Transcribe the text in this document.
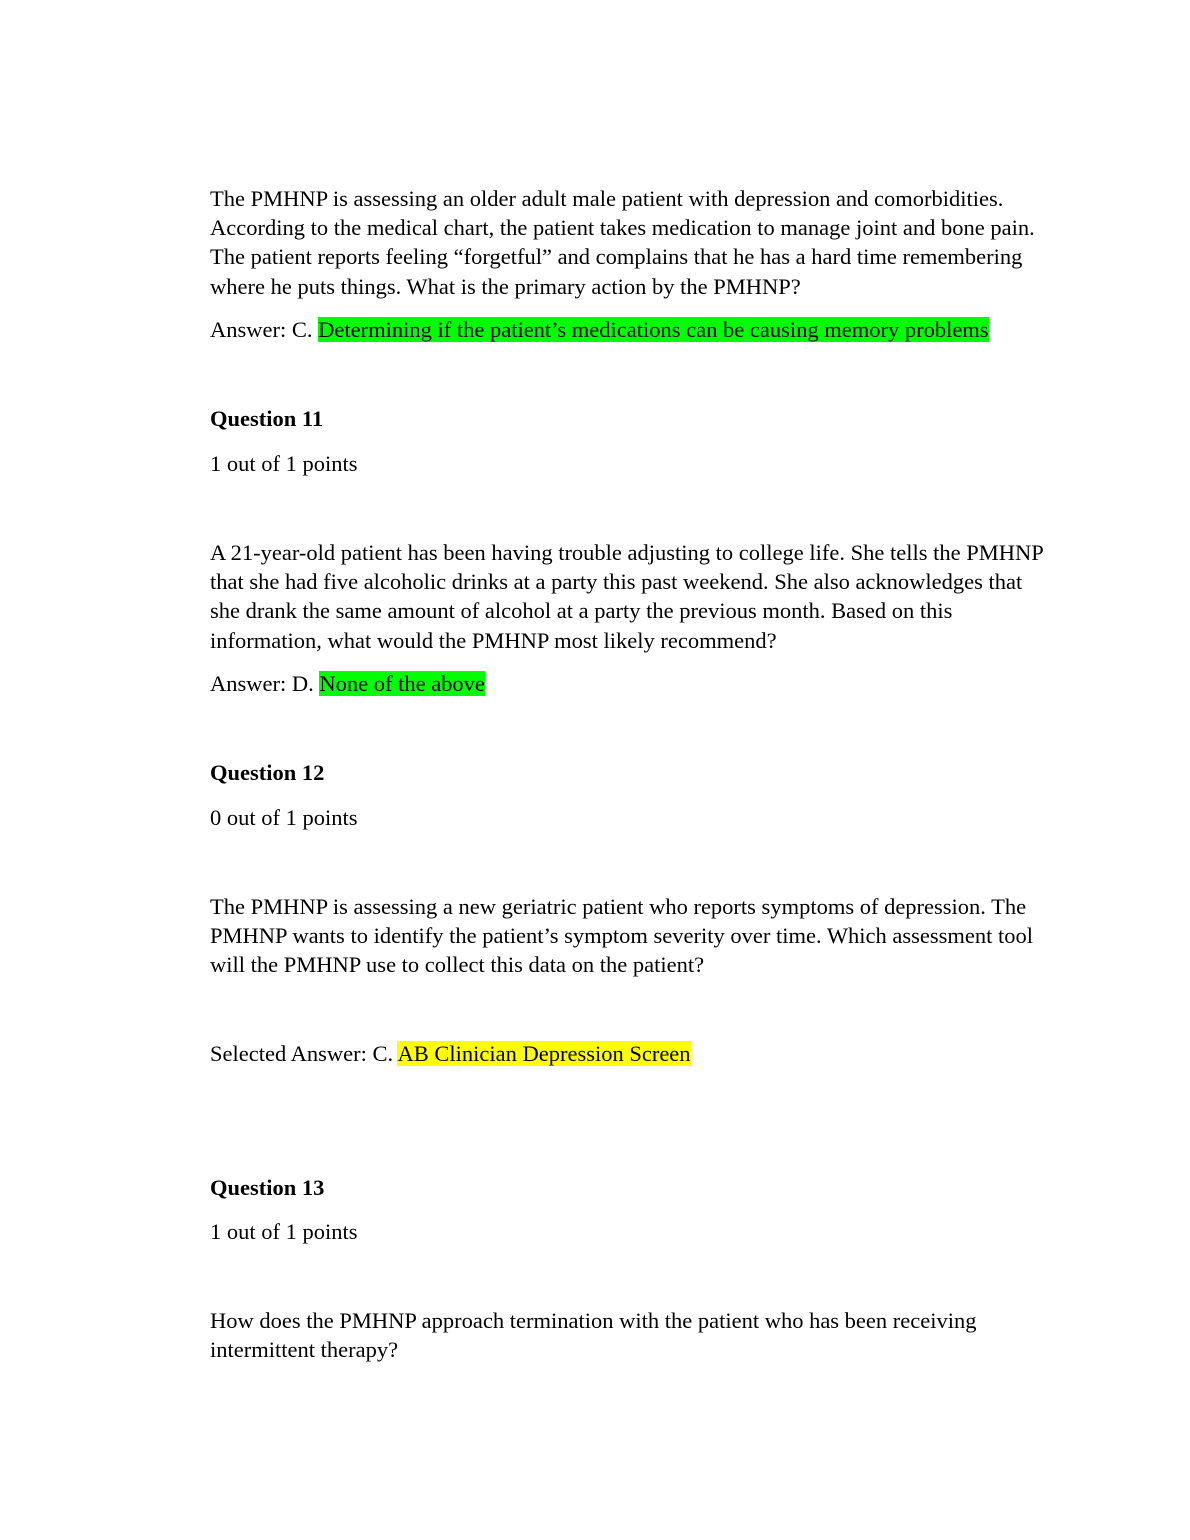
The PMHNP is assessing an older adult male patient with depression and comorbidities. According to the medical chart, the patient takes medication to manage joint and bone pain. The patient reports feeling “forgetful” and complains that he has a hard time remembering where he puts things. What is the primary action by the PMHNP?

Answer: C. Determining if the patient’s medications can be causing memory problems

Question 11

1 out of 1 points

A 21-year-old patient has been having trouble adjusting to college life. She tells the PMHNP that she had five alcoholic drinks at a party this past weekend. She also acknowledges that she drank the same amount of alcohol at a party the previous month. Based on this information, what would the PMHNP most likely recommend?

Answer: D. None of the above

Question 12

0 out of 1 points

The PMHNP is assessing a new geriatric patient who reports symptoms of depression. The PMHNP wants to identify the patient’s symptom severity over time. Which assessment tool will the PMHNP use to collect this data on the patient?

Selected Answer: C. AB Clinician Depression Screen

Question 13

1 out of 1 points

How does the PMHNP approach termination with the patient who has been receiving intermittent therapy?
